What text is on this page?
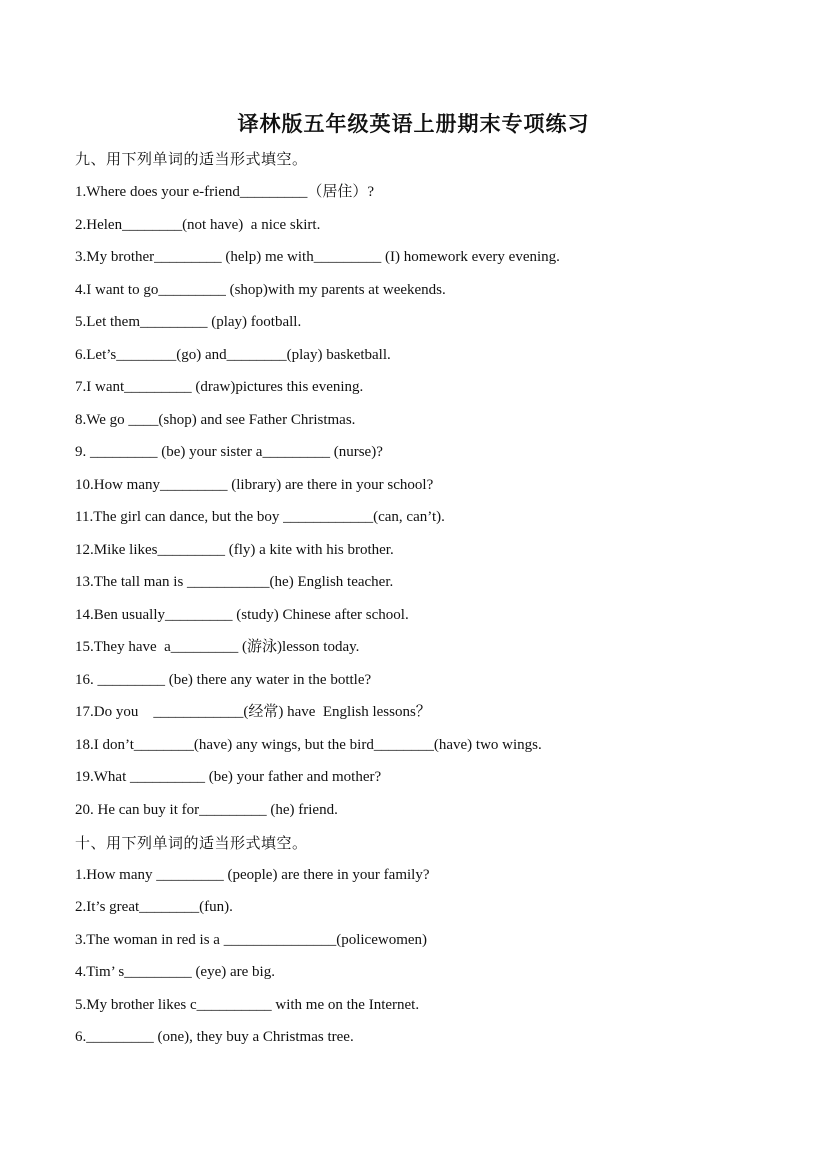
译林版五年级英语上册期末专项练习
九、用下列单词的适当形式填空。
1.Where does your e-friend_________（居住）?
2.Helen________(not have)  a nice skirt.
3.My brother_________ (help) me with_________ (I) homework every evening.
4.I want to go_________ (shop)with my parents at weekends.
5.Let them_________ (play) football.
6.Let’s________(go) and________(play) basketball.
7.I want_________ (draw)pictures this evening.
8.We go ____(shop) and see Father Christmas.
9. _________ (be) your sister a_________ (nurse)?
10.How many_________ (library) are there in your school?
11.The girl can dance, but the boy ____________(can, can’t).
12.Mike likes_________ (fly) a kite with his brother.
13.The tall man is ___________(he) English teacher.
14.Ben usually_________ (study) Chinese after school.
15.They have  a_________ (游泳)lesson today.
16. _________ (be) there any water in the bottle?
17.Do you    ____________(经常) have  English lessons？
18.I don’t________(have) any wings, but the bird________(have) two wings.
19.What __________ (be) your father and mother?
20. He can buy it for_________ (he) friend.
十、用下列单词的适当形式填空。
1.How many _________ (people) are there in your family?
2.It’s great________(fun).
3.The woman in red is a _______________(policewomen)
4.Tim’ s_________ (eye) are big.
5.My brother likes c__________ with me on the Internet.
6._________ (one), they buy a Christmas tree.
